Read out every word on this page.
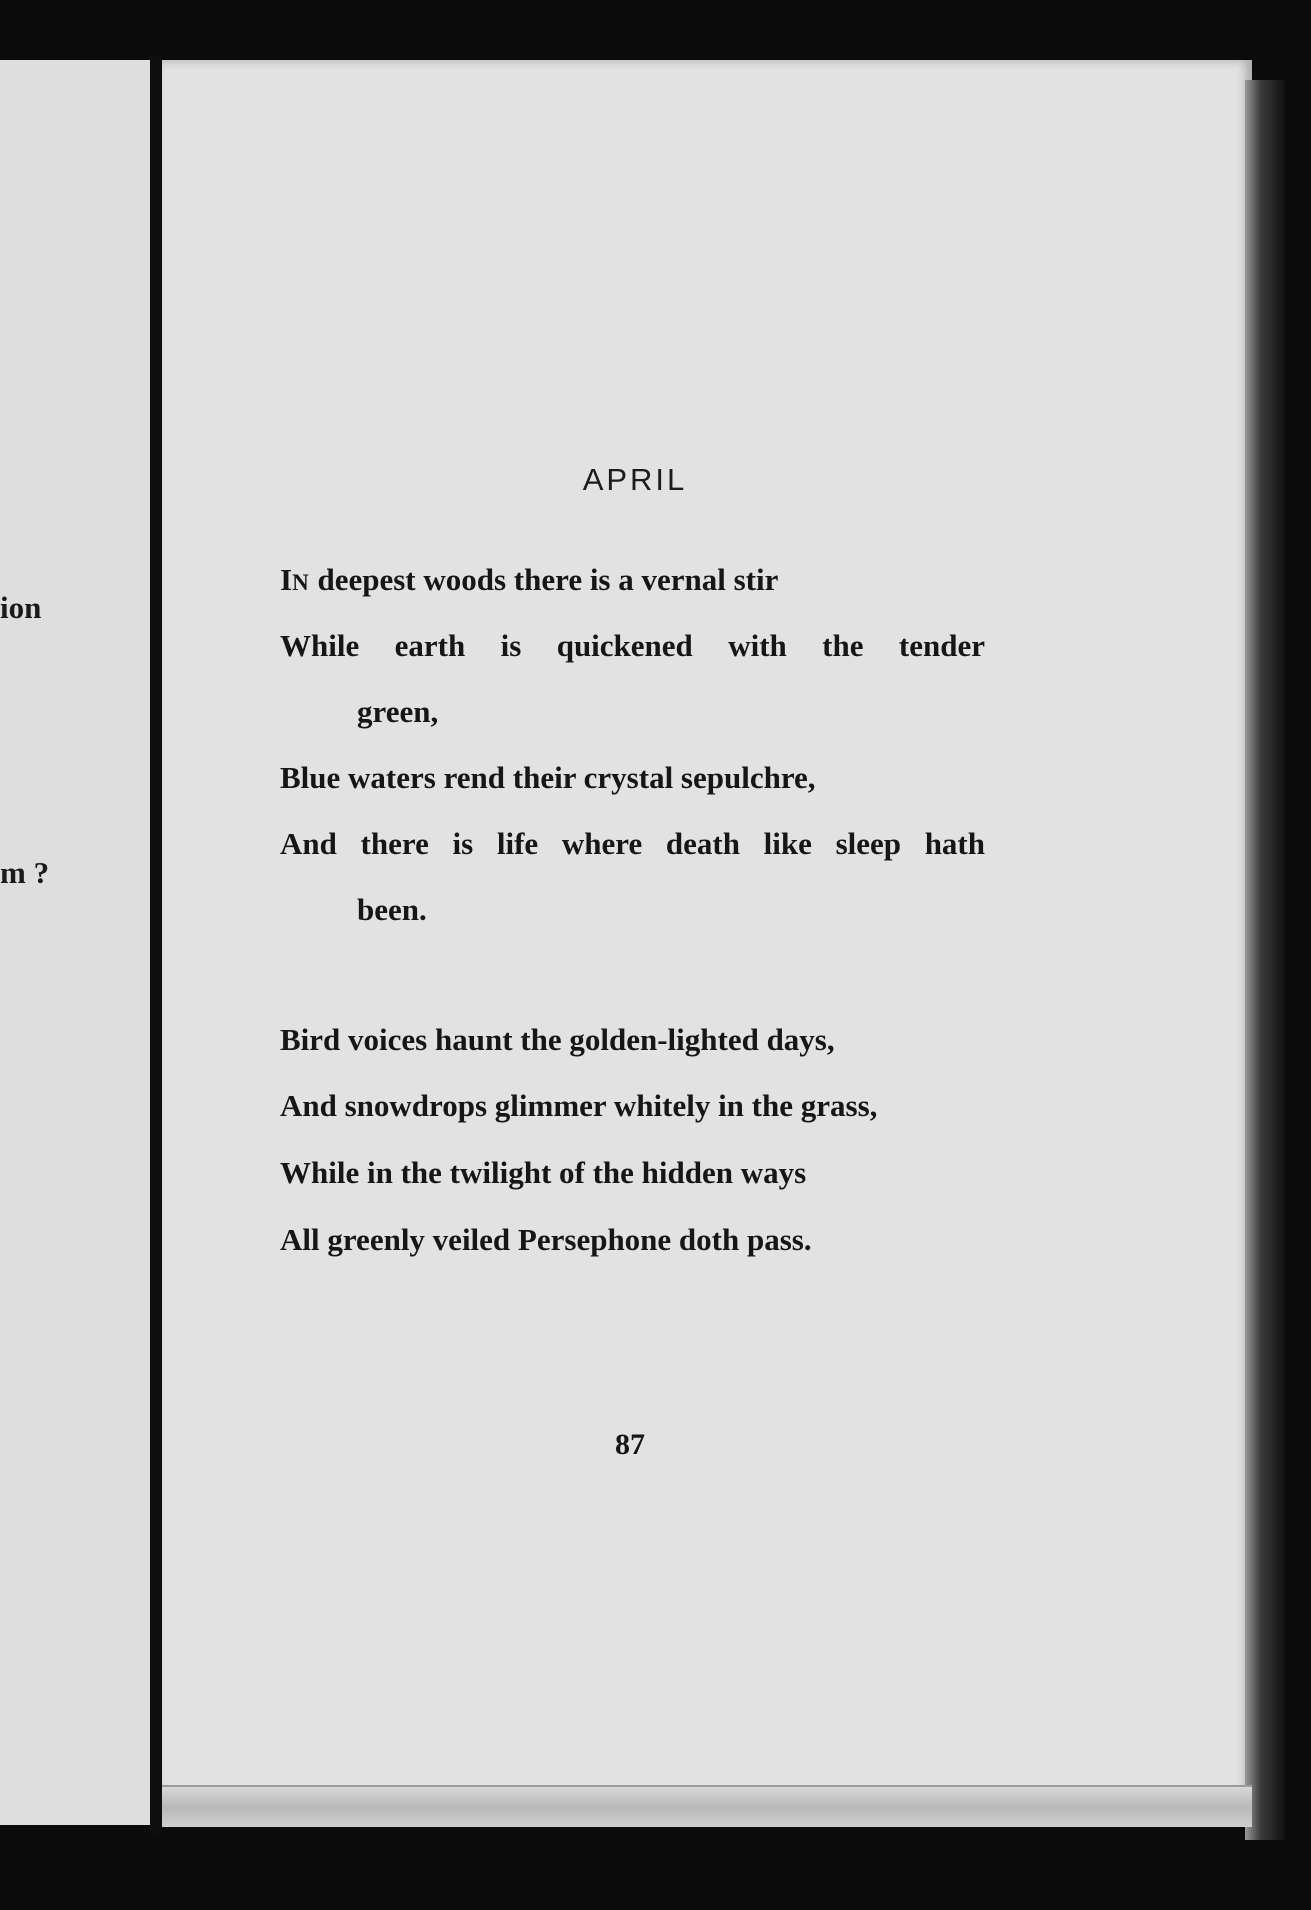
ion
m ?
APRIL
IN deepest woods there is a vernal stir
While earth is quickened with the tender
green,
Blue waters rend their crystal sepulchre,
And there is life where death like sleep hath
been.
Bird voices haunt the golden-lighted days,
And snowdrops glimmer whitely in the grass,
While in the twilight of the hidden ways
All greenly veiled Persephone doth pass.
87
